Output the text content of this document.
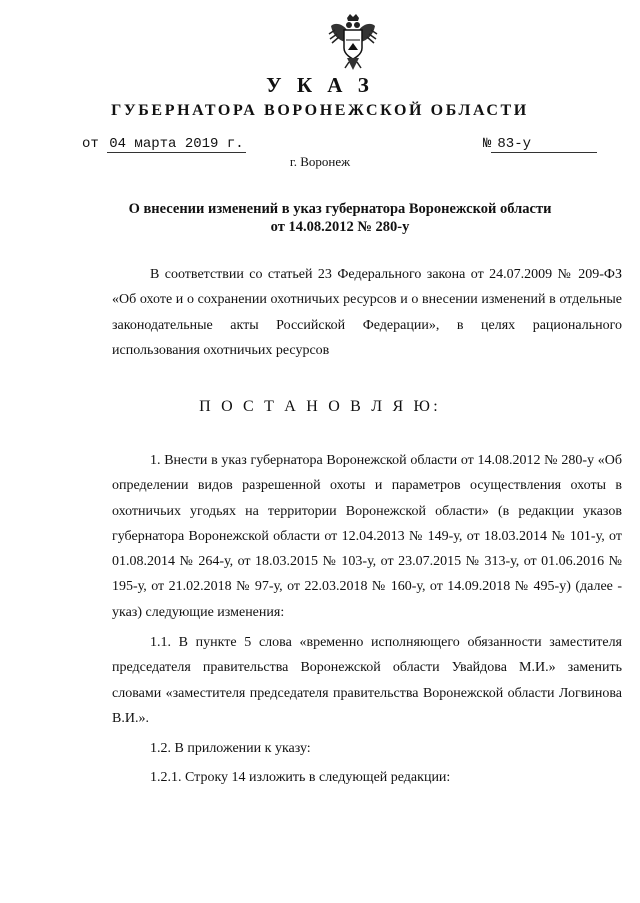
У К А З
ГУБЕРНАТОРА ВОРОНЕЖСКОЙ ОБЛАСТИ
от 04 марта 2019 г.	№ 83-у
г. Воронеж
О внесении изменений в указ губернатора Воронежской области
от 14.08.2012 № 280-у

В соответствии со статьей 23 Федерального закона от 24.07.2009 № 209-ФЗ «Об охоте и о сохранении охотничьих ресурсов и о внесении изменений в отдельные законодательные акты Российской Федерации», в целях рационального использования охотничьих ресурсов

П О С Т А Н О В Л Я Ю:

1. Внести в указ губернатора Воронежской области от 14.08.2012 № 280-у «Об определении видов разрешенной охоты и параметров осуществления охоты в охотничьих угодьях на территории Воронежской области» (в редакции указов губернатора Воронежской области от 12.04.2013 № 149-у, от 18.03.2014 № 101-у, от 01.08.2014 № 264-у, от 18.03.2015 № 103-у, от 23.07.2015 № 313-у, от 01.06.2016 № 195-у, от 21.02.2018 № 97-у, от 22.03.2018 № 160-у, от 14.09.2018 № 495-у) (далее - указ) следующие изменения:

1.1. В пункте 5 слова «временно исполняющего обязанности заместителя председателя правительства Воронежской области Увайдова М.И.» заменить словами «заместителя председателя правительства Воронежской области Логвинова В.И.».

1.2. В приложении к указу:

1.2.1. Строку 14 изложить в следующей редакции:
